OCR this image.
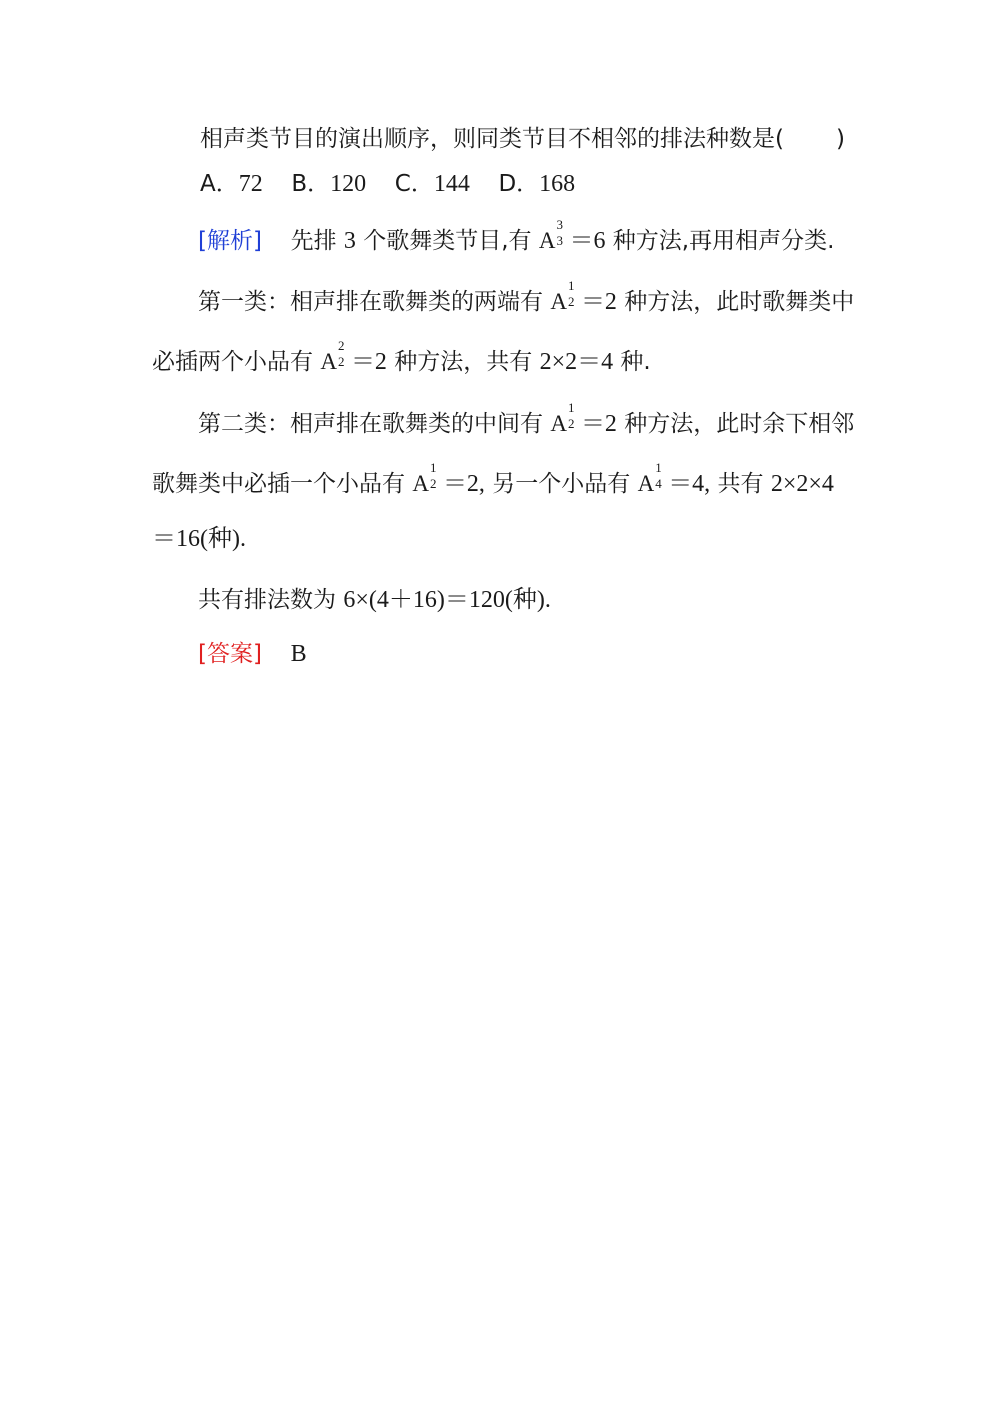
相声类节目的演出顺序，则同类节目不相邻的排法种数是( )
A．72 B．120 C．144 D．168
[解析] 先排 3 个歌舞类节目,有 A
3
3 ＝6 种方法,再用相声分类.
第一类：相声排在歌舞类的两端有 A
1
2 ＝2 种方法，此时歌舞类中
必插两个小品有 A
2
2 ＝2 种方法，共有 2×2＝4 种.
第二类：相声排在歌舞类的中间有 A
1
2 ＝2 种方法，此时余下相邻
歌舞类中必插一个小品有 A
1
2 ＝2, 另一个小品有 A
1
4 ＝4, 共有 2×2×4
＝16(种).
共有排法数为 6×(4＋16)＝120(种).
[答案] B
